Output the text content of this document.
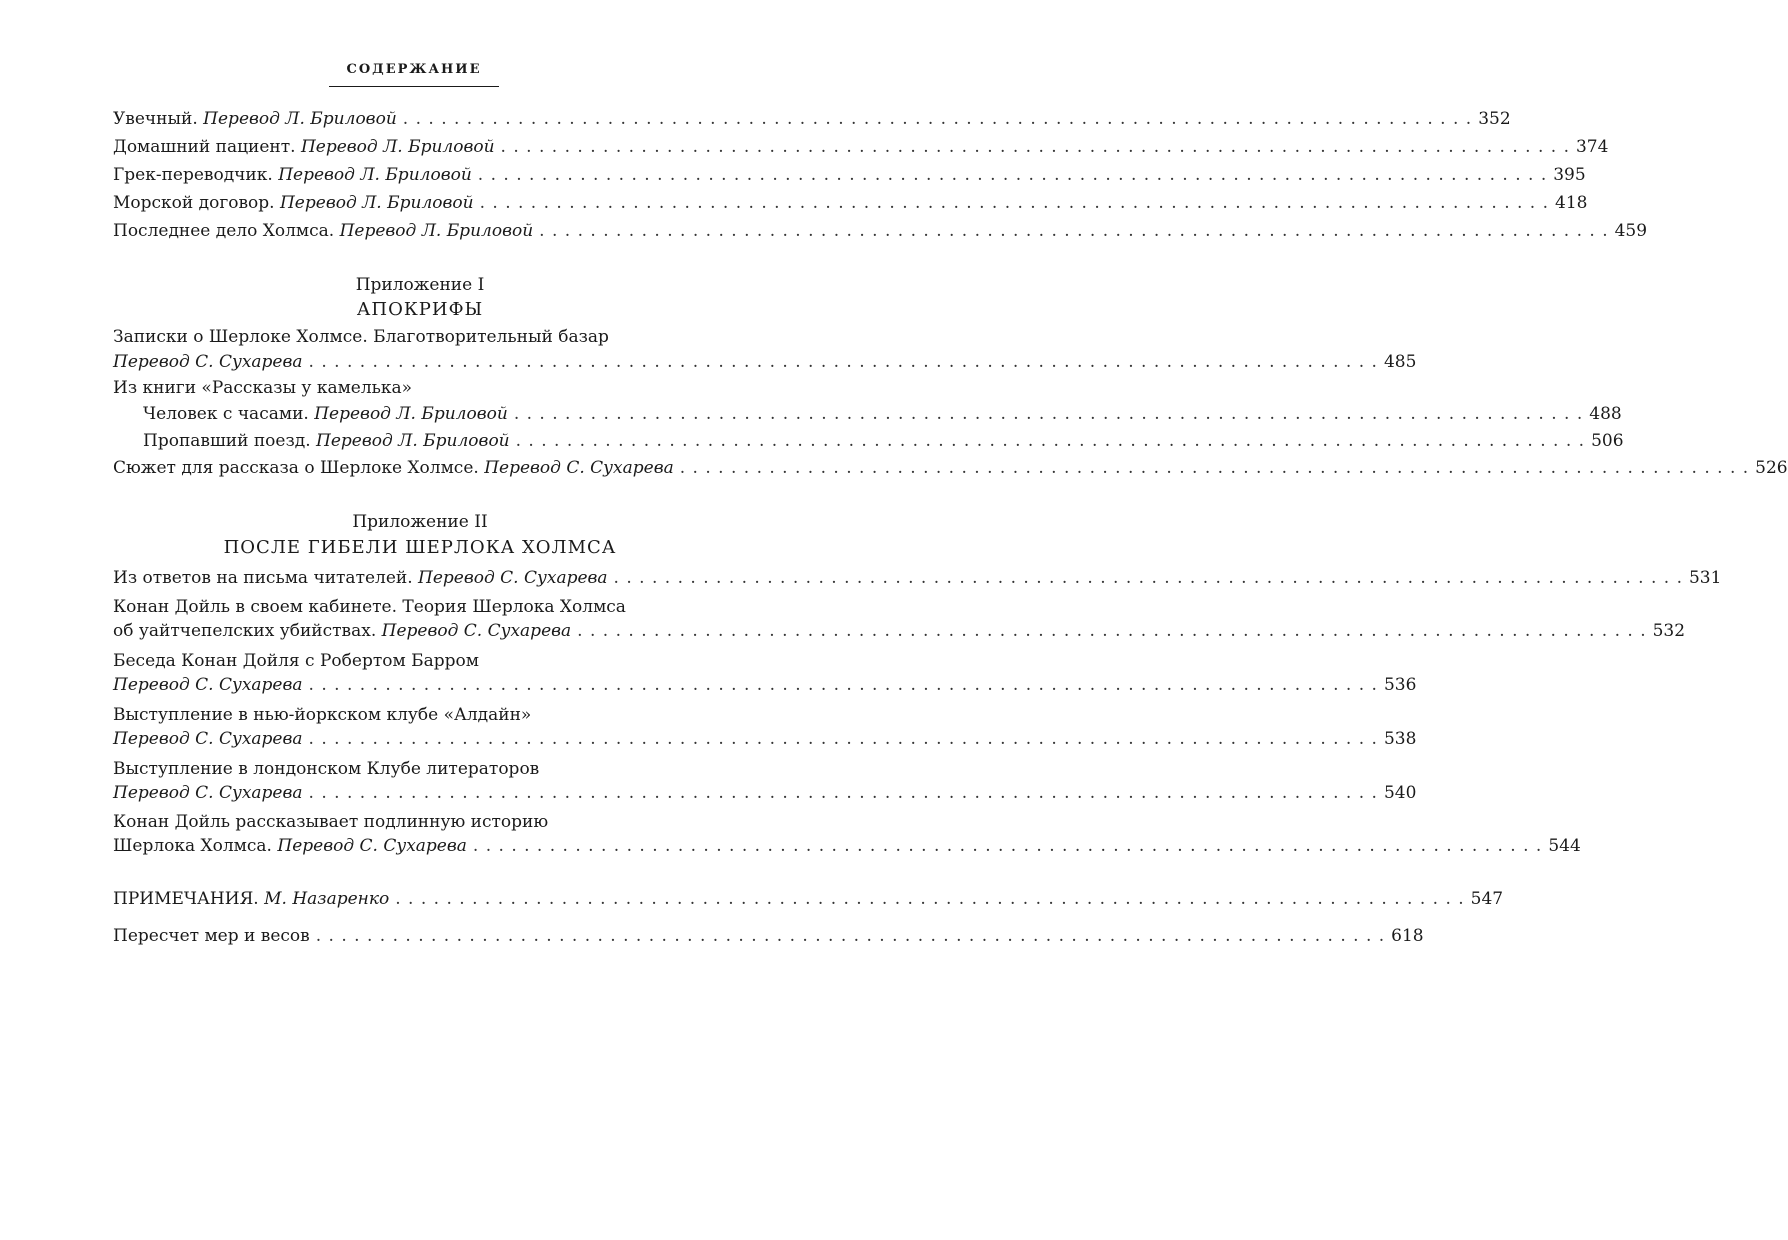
СОДЕРЖАНИЕ
Увечный. Перевод Л. Бриловой . . . . . . . . . . . . . . . . . . . . . . . . . . . . . . . . . . . . . . . . . . . . . . . . . . . . . . . . . . . . . . . . . . . . . . . . . . . . . . . . . . . . 352
Домашний пациент. Перевод Л. Бриловой . . . . . . . . . . . . . . . . . . . . . . . . . . . . . . . . . . . . . . . . . . . . . . . . . . . . . . . . . . . . . . . . . . . . . . . . . . . . . . . . . . . . 374
Грек-переводчик. Перевод Л. Бриловой . . . . . . . . . . . . . . . . . . . . . . . . . . . . . . . . . . . . . . . . . . . . . . . . . . . . . . . . . . . . . . . . . . . . . . . . . . . . . . . . . . . . 395
Морской договор. Перевод Л. Бриловой . . . . . . . . . . . . . . . . . . . . . . . . . . . . . . . . . . . . . . . . . . . . . . . . . . . . . . . . . . . . . . . . . . . . . . . . . . . . . . . . . . . . 418
Последнее дело Холмса. Перевод Л. Бриловой . . . . . . . . . . . . . . . . . . . . . . . . . . . . . . . . . . . . . . . . . . . . . . . . . . . . . . . . . . . . . . . . . . . . . . . . . . . . . . . . . . . . 459
Приложение I
АПОКРИФЫ
Записки о Шерлоке Холмсе. Благотворительный базар
Перевод С. Сухарева . . . . . . . . . . . . . . . . . . . . . . . . . . . . . . . . . . . . . . . . . . . . . . . . . . . . . . . . . . . . . . . . . . . . . . . . . . . . . . . . . . . . 485
Из книги «Рассказы у камелька»
Человек с часами. Перевод Л. Бриловой . . . . . . . . . . . . . . . . . . . . . . . . . . . . . . . . . . . . . . . . . . . . . . . . . . . . . . . . . . . . . . . . . . . . . . . . . . . . . . . . . . . . 488
Пропавший поезд. Перевод Л. Бриловой . . . . . . . . . . . . . . . . . . . . . . . . . . . . . . . . . . . . . . . . . . . . . . . . . . . . . . . . . . . . . . . . . . . . . . . . . . . . . . . . . . . . 506
Сюжет для рассказа о Шерлоке Холмсе. Перевод С. Сухарева . . . . . . . . . . . . . . . . . . . . . . . . . . . . . . . . . . . . . . . . . . . . . . . . . . . . . . . . . . . . . . . . . . . . . . . . . . . . . . . . . . . . 526
Приложение II
ПОСЛЕ ГИБЕЛИ ШЕРЛОКА ХОЛМСА
Из ответов на письма читателей. Перевод С. Сухарева . . . . . . . . . . . . . . . . . . . . . . . . . . . . . . . . . . . . . . . . . . . . . . . . . . . . . . . . . . . . . . . . . . . . . . . . . . . . . . . . . . . . 531
Конан Дойль в своем кабинете. Теория Шерлока Холмса
об уайтчепелских убийствах. Перевод С. Сухарева . . . . . . . . . . . . . . . . . . . . . . . . . . . . . . . . . . . . . . . . . . . . . . . . . . . . . . . . . . . . . . . . . . . . . . . . . . . . . . . . . . . . 532
Беседа Конан Дойля с Робертом Барром
Перевод С. Сухарева . . . . . . . . . . . . . . . . . . . . . . . . . . . . . . . . . . . . . . . . . . . . . . . . . . . . . . . . . . . . . . . . . . . . . . . . . . . . . . . . . . . . 536
Выступление в нью-йоркском клубе «Алдайн»
Перевод С. Сухарева . . . . . . . . . . . . . . . . . . . . . . . . . . . . . . . . . . . . . . . . . . . . . . . . . . . . . . . . . . . . . . . . . . . . . . . . . . . . . . . . . . . . 538
Выступление в лондонском Клубе литераторов
Перевод С. Сухарева . . . . . . . . . . . . . . . . . . . . . . . . . . . . . . . . . . . . . . . . . . . . . . . . . . . . . . . . . . . . . . . . . . . . . . . . . . . . . . . . . . . . 540
Конан Дойль рассказывает подлинную историю
Шерлока Холмса. Перевод С. Сухарева . . . . . . . . . . . . . . . . . . . . . . . . . . . . . . . . . . . . . . . . . . . . . . . . . . . . . . . . . . . . . . . . . . . . . . . . . . . . . . . . . . . . 544
ПРИМЕЧАНИЯ. М. Назаренко . . . . . . . . . . . . . . . . . . . . . . . . . . . . . . . . . . . . . . . . . . . . . . . . . . . . . . . . . . . . . . . . . . . . . . . . . . . . . . . . . . . . 547
Пересчет мер и весов . . . . . . . . . . . . . . . . . . . . . . . . . . . . . . . . . . . . . . . . . . . . . . . . . . . . . . . . . . . . . . . . . . . . . . . . . . . . . . . . . . . . 618
